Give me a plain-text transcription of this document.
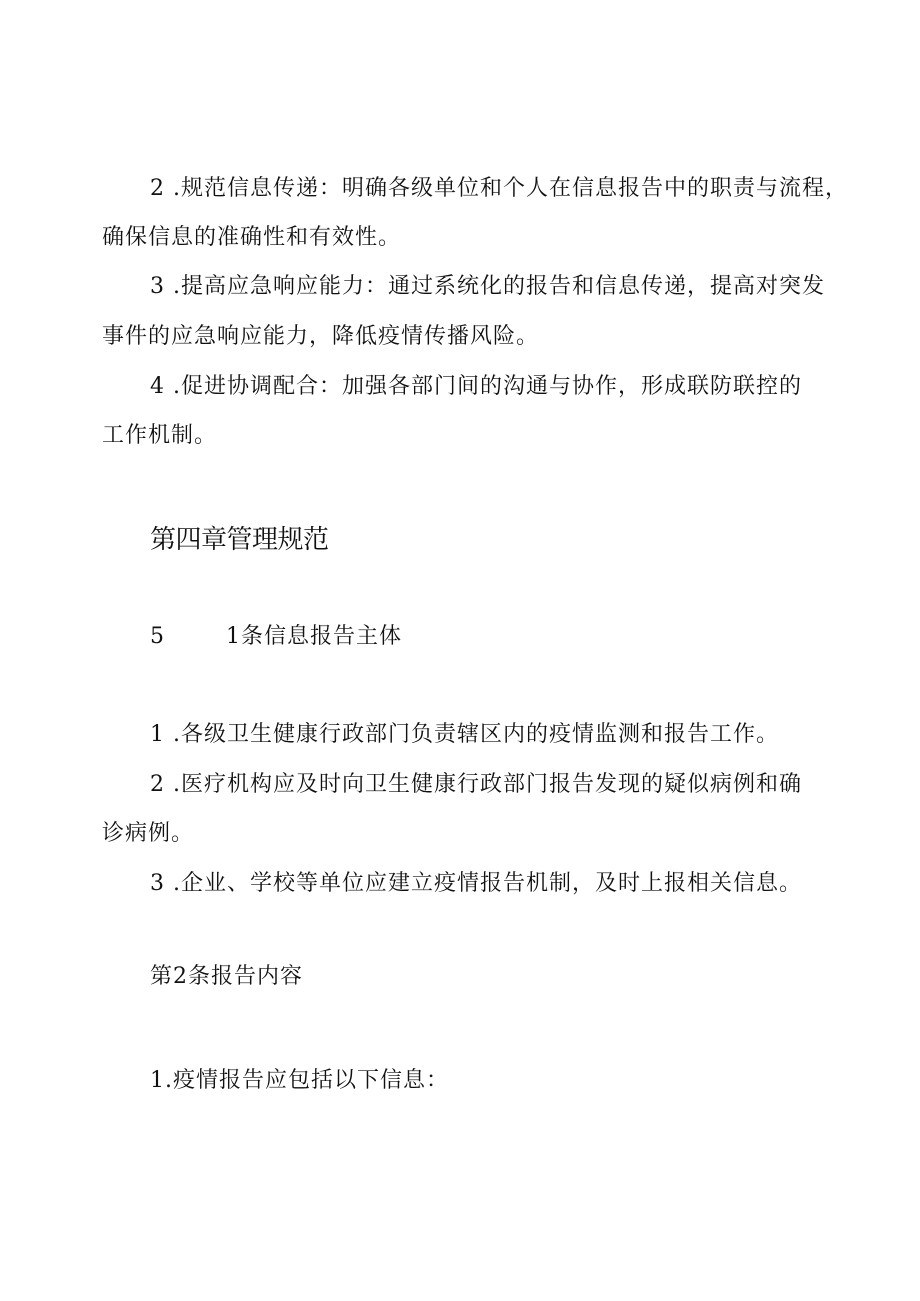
2 .规范信息传递：明确各级单位和个人在信息报告中的职责与流程，
确保信息的准确性和有效性。
3 .提高应急响应能力：通过系统化的报告和信息传递，提高对突发
事件的应急响应能力，降低疫情传播风险。
4 .促进协调配合：加强各部门间的沟通与协作，形成联防联控的
工作机制。
第四章管理规范
5	1条信息报告主体
1 .各级卫生健康行政部门负责辖区内的疫情监测和报告工作。
2 .医疗机构应及时向卫生健康行政部门报告发现的疑似病例和确
诊病例。
3 .企业、学校等单位应建立疫情报告机制，及时上报相关信息。
第2条报告内容
1.疫情报告应包括以下信息：
